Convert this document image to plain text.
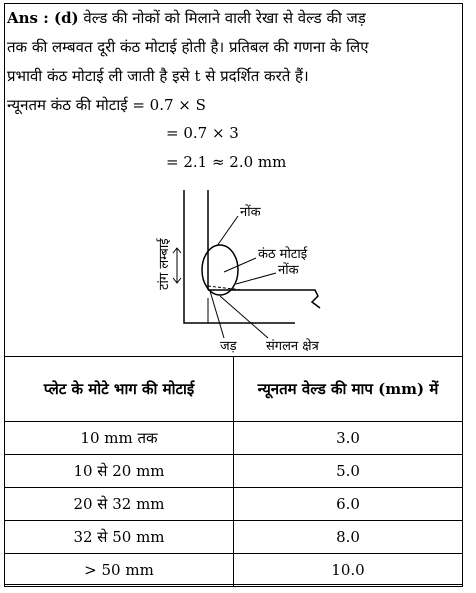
Ans : (d) वेल्ड की नोकों को मिलाने वाली रेखा से वेल्ड की जड़
तक की लम्बवत दूरी कंठ मोटाई होती है। प्रतिबल की गणना के लिए
प्रभावी कंठ मोटाई ली जाती है इसे t से प्रदर्शित करते हैं।
न्यूनतम कंठ की मोटाई = 0.7 × S
= 0.7 × 3
= 2.1 ≈ 2.0 mm
नोंक
कंठ मोटाई
नोंक
टांग लम्बाई
जड़ संगलन क्षेत्र
प्लेट के मोटे भाग की मोटाई	न्यूनतम वेल्ड की माप (mm) में
10 mm तक	3.0
10 से 20 mm	5.0
20 से 32 mm	6.0
32 से 50 mm	8.0
> 50 mm	10.0
